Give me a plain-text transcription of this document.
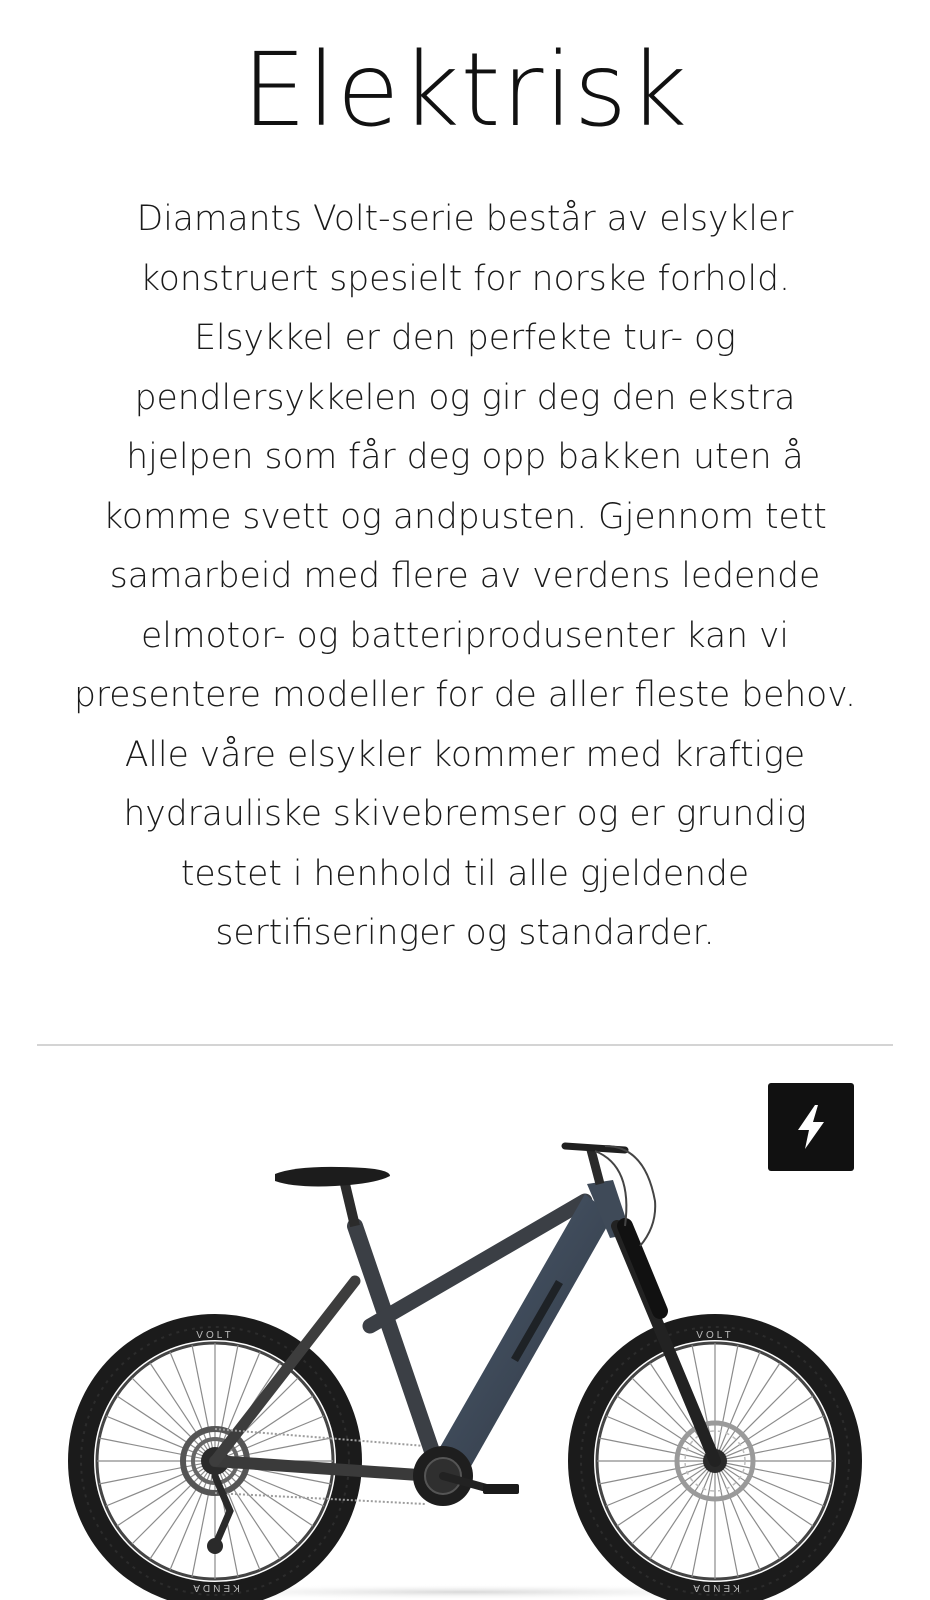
Elektrisk

Diamants Volt-serie består av elsykler
konstruert spesielt for norske forhold.
Elsykkel er den perfekte tur- og
pendlersykkelen og gir deg den ekstra
hjelpen som får deg opp bakken uten å
komme svett og andpusten. Gjennom tett
samarbeid med flere av verdens ledende
elmotor- og batteriprodusenter kan vi
presentere modeller for de aller fleste behov.
Alle våre elsykler kommer med kraftige
hydrauliske skivebremser og er grundig
testet i henhold til alle gjeldende
sertifiseringer og standarder.

VOLT	VOLT
KENDA	KENDA
